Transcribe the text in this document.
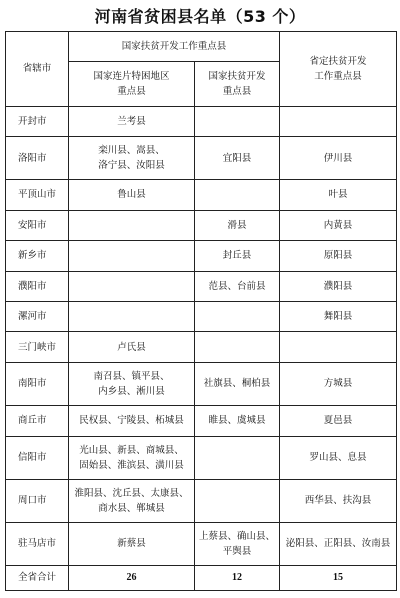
河南省贫困县名单（53 个）
省辖市	国家扶贫开发工作重点县		省定扶贫开发
工作重点县

	国家连片特困地区
重点县	国家扶贫开发
重点县	

开封市	兰考县		

洛阳市	栾川县、嵩县、
洛宁县、汝阳县	宜阳县	伊川县

平顶山市	鲁山县		叶县

安阳市		滑县	内黄县

新乡市		封丘县	原阳县

濮阳市		范县、台前县	濮阳县

漯河市			舞阳县

三门峡市	卢氏县		

南阳市	南召县、镇平县、
内乡县、淅川县	社旗县、桐柏县	方城县

商丘市	民权县、宁陵县、柘城县	睢县、虞城县	夏邑县

信阳市	光山县、新县、商城县、
固始县、淮滨县、潢川县		罗山县、息县

周口市	淮阳县、沈丘县、太康县、
商水县、郸城县		西华县、扶沟县

驻马店市	新蔡县	上蔡县、确山县、
平舆县	泌阳县、正阳县、汝南县

全省合计	26	12	15
